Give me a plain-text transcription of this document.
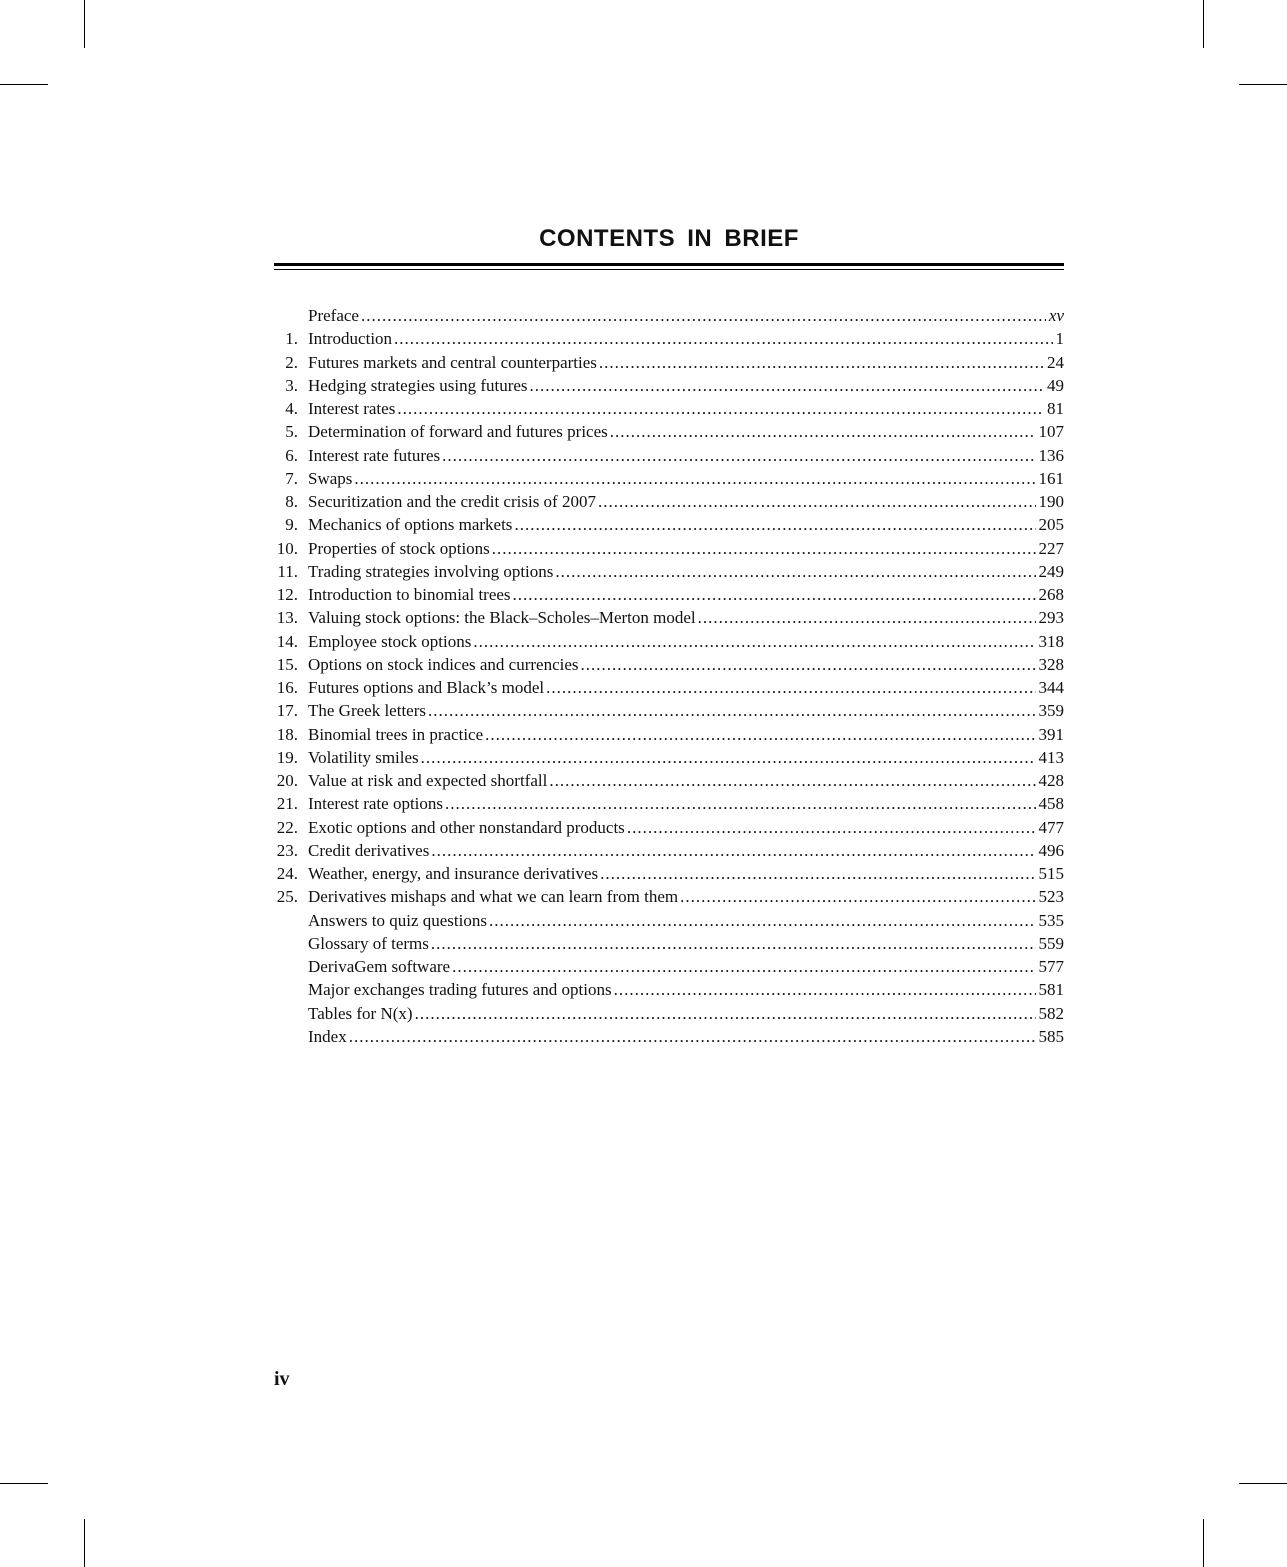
CONTENTS IN BRIEF
Preface .....	xv
1. Introduction .....	1
2. Futures markets and central counterparties .....	24
3. Hedging strategies using futures .....	49
4. Interest rates .....	81
5. Determination of forward and futures prices .....	107
6. Interest rate futures .....	136
7. Swaps .....	161
8. Securitization and the credit crisis of 2007 .....	190
9. Mechanics of options markets .....	205
10. Properties of stock options .....	227
11. Trading strategies involving options .....	249
12. Introduction to binomial trees .....	268
13. Valuing stock options: the Black–Scholes–Merton model .....	293
14. Employee stock options .....	318
15. Options on stock indices and currencies .....	328
16. Futures options and Black’s model .....	344
17. The Greek letters .....	359
18. Binomial trees in practice .....	391
19. Volatility smiles .....	413
20. Value at risk and expected shortfall .....	428
21. Interest rate options .....	458
22. Exotic options and other nonstandard products .....	477
23. Credit derivatives .....	496
24. Weather, energy, and insurance derivatives .....	515
25. Derivatives mishaps and what we can learn from them .....	523
Answers to quiz questions .....	535
Glossary of terms .....	559
DerivaGem software .....	577
Major exchanges trading futures and options .....	581
Tables for N(x) .....	582
Index .....	585
iv
